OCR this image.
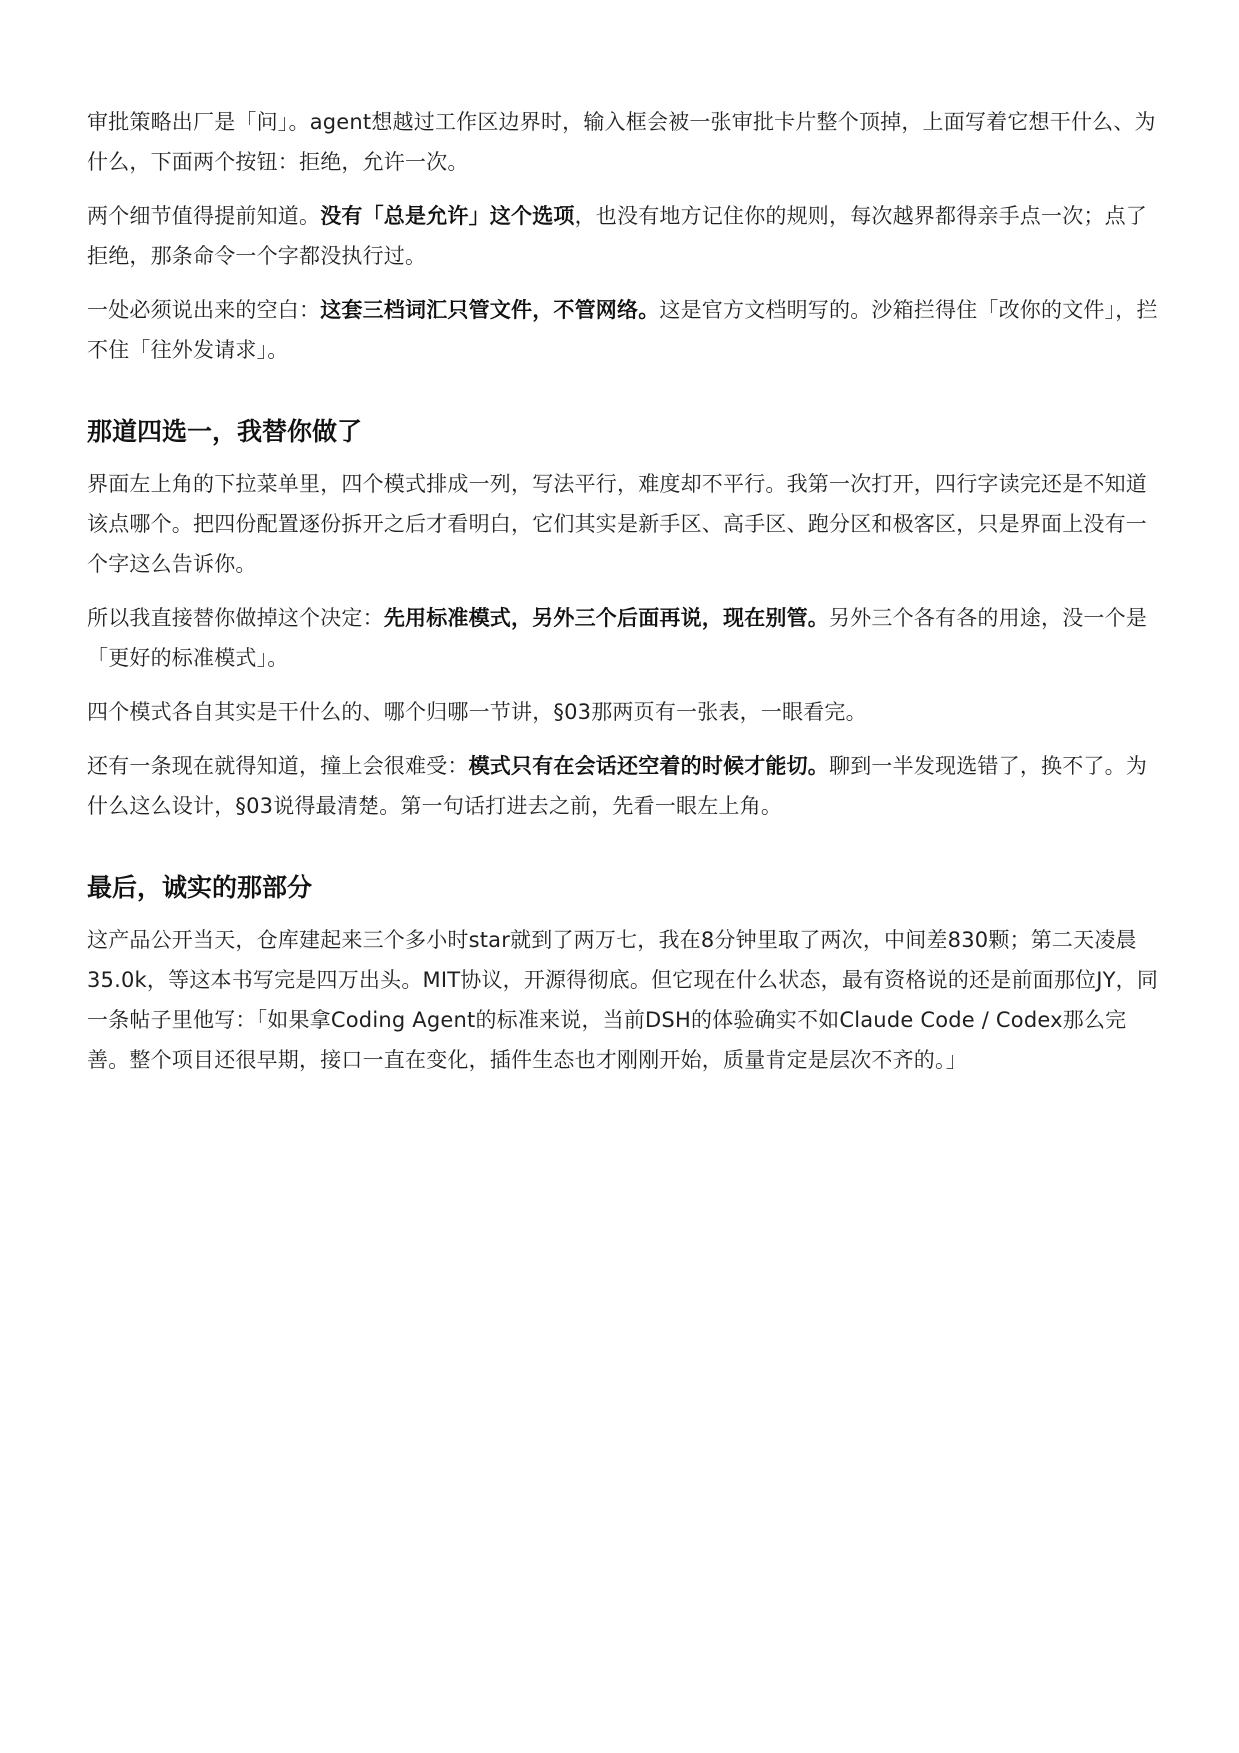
审批策略出厂是「问」。agent想越过工作区边界时，输入框会被一张审批卡片整个顶掉，上面写着它想干什么、为什么，下面两个按钮：拒绝，允许一次。

两个细节值得提前知道。没有「总是允许」这个选项，也没有地方记住你的规则，每次越界都得亲手点一次；点了拒绝，那条命令一个字都没执行过。

一处必须说出来的空白：这套三档词汇只管文件，不管网络。这是官方文档明写的。沙箱拦得住「改你的文件」，拦不住「往外发请求」。

那道四选一，我替你做了

界面左上角的下拉菜单里，四个模式排成一列，写法平行，难度却不平行。我第一次打开，四行字读完还是不知道该点哪个。把四份配置逐份拆开之后才看明白，它们其实是新手区、高手区、跑分区和极客区，只是界面上没有一个字这么告诉你。

所以我直接替你做掉这个决定：先用标准模式，另外三个后面再说，现在别管。另外三个各有各的用途，没一个是「更好的标准模式」。

四个模式各自其实是干什么的、哪个归哪一节讲，§03那两页有一张表，一眼看完。

还有一条现在就得知道，撞上会很难受：模式只有在会话还空着的时候才能切。聊到一半发现选错了，换不了。为什么这么设计，§03说得最清楚。第一句话打进去之前，先看一眼左上角。

最后，诚实的那部分

这产品公开当天，仓库建起来三个多小时star就到了两万七，我在8分钟里取了两次，中间差830颗；第二天凌晨35.0k，等这本书写完是四万出头。MIT协议，开源得彻底。但它现在什么状态，最有资格说的还是前面那位JY，同一条帖子里他写：「如果拿Coding Agent的标准来说，当前DSH的体验确实不如Claude Code / Codex那么完善。整个项目还很早期，接口一直在变化，插件生态也才刚刚开始，质量肯定是层次不齐的。」
